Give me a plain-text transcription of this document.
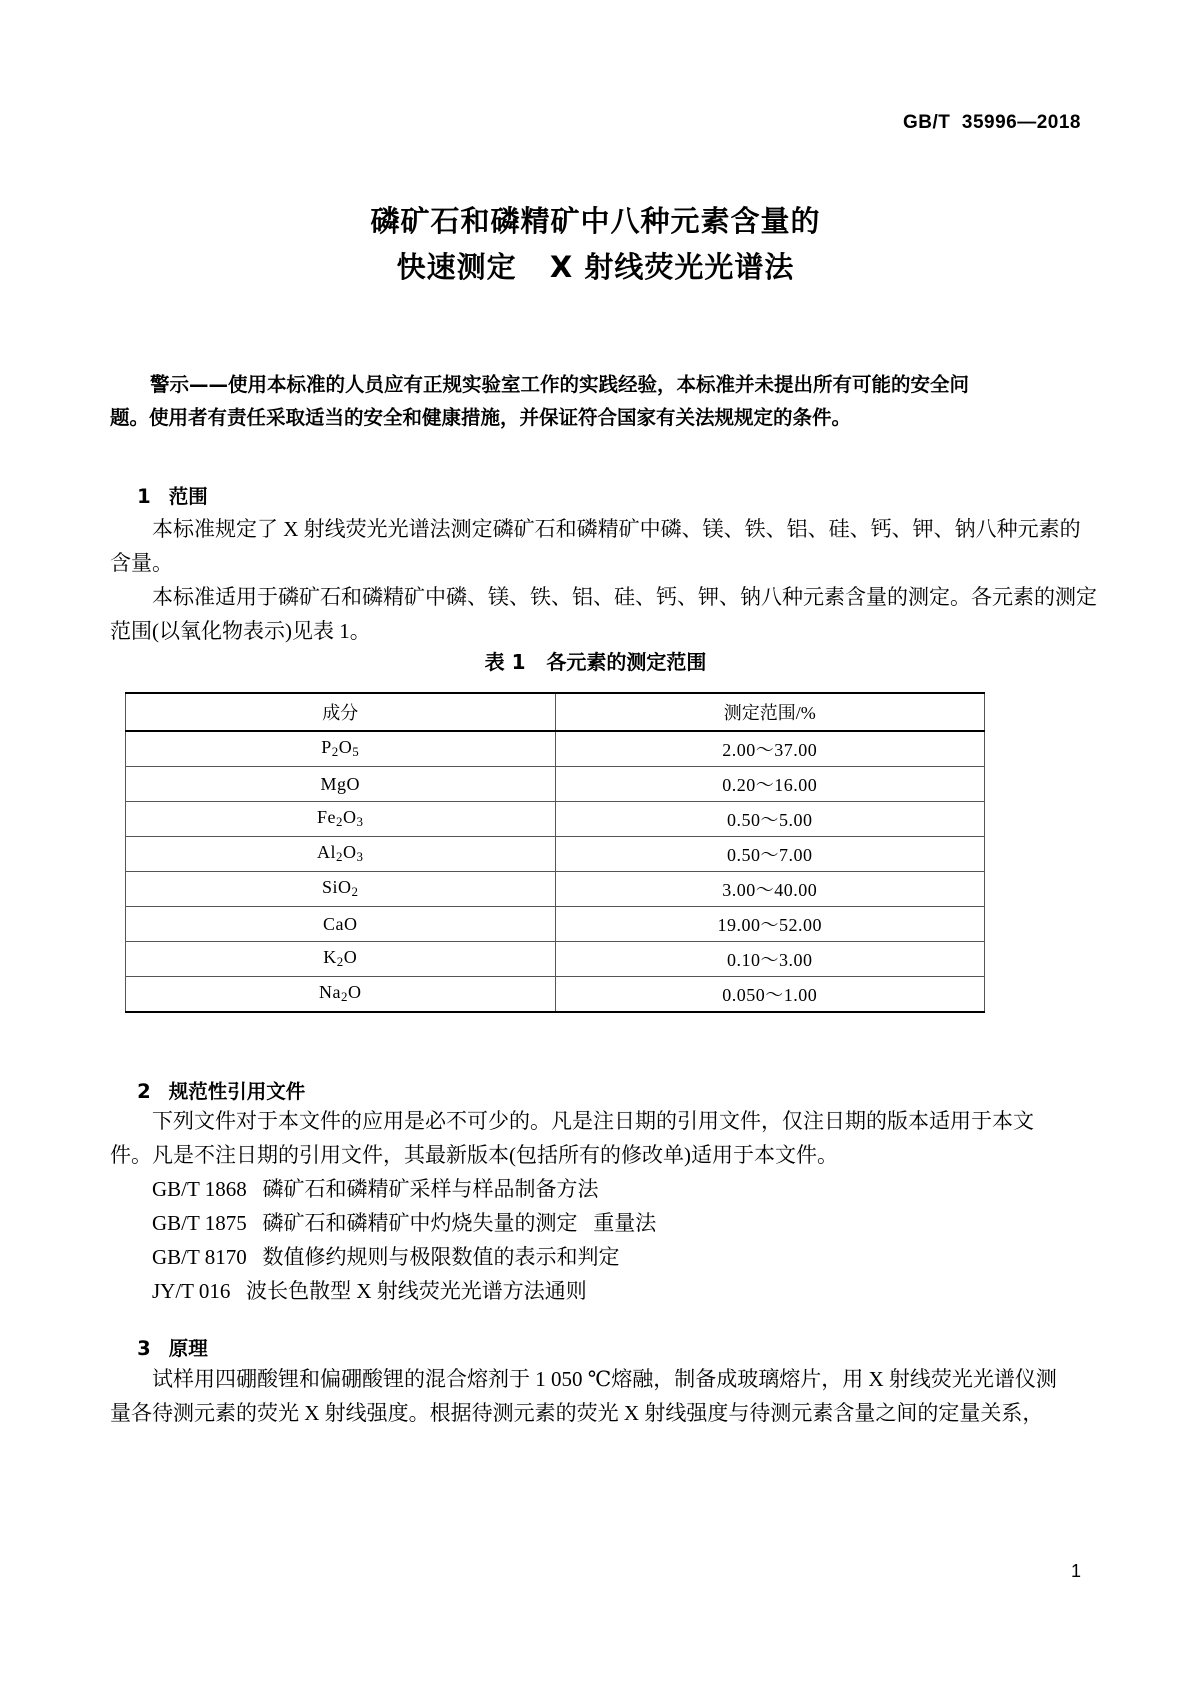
GB/T  35996—2018
磷矿石和磷精矿中八种元素含量的
快速测定   X 射线荧光光谱法
警示——使用本标准的人员应有正规实验室工作的实践经验，本标准并未提出所有可能的安全问
题。使用者有责任采取适当的安全和健康措施，并保证符合国家有关法规规定的条件。

1 范围

本标准规定了 X 射线荧光光谱法测定磷矿石和磷精矿中磷、镁、铁、铝、硅、钙、钾、钠八种元素的
含量。
本标准适用于磷矿石和磷精矿中磷、镁、铁、铝、硅、钙、钾、钠八种元素含量的测定。各元素的测定
范围(以氧化物表示)见表 1。
表 1   各元素的测定范围
成分	测定范围/%
$P_2O_5$	2.00～37.00
MgO	0.20～16.00
$Fe_2O_3$	0.50～5.00
$Al_2O_3$	0.50～7.00
SiO$_2$	3.00～40.00
CaO	19.00～52.00
$K_2O$	0.10～3.00
$Na_2O$	0.050～1.00

2 规范性引用文件

下列文件对于本文件的应用是必不可少的。凡是注日期的引用文件，仅注日期的版本适用于本文
件。凡是不注日期的引用文件，其最新版本(包括所有的修改单)适用于本文件。
GB/T 1868   磷矿石和磷精矿采样与样品制备方法
GB/T 1875   磷矿石和磷精矿中灼烧失量的测定   重量法
GB/T 8170   数值修约规则与极限数值的表示和判定
JY/T 016   波长色散型 X 射线荧光光谱方法通则

3 原理

试样用四硼酸锂和偏硼酸锂的混合熔剂于 1 050 ℃熔融，制备成玻璃熔片，用 X 射线荧光光谱仪测
量各待测元素的荧光 X 射线强度。根据待测元素的荧光 X 射线强度与待测元素含量之间的定量关系，
1
